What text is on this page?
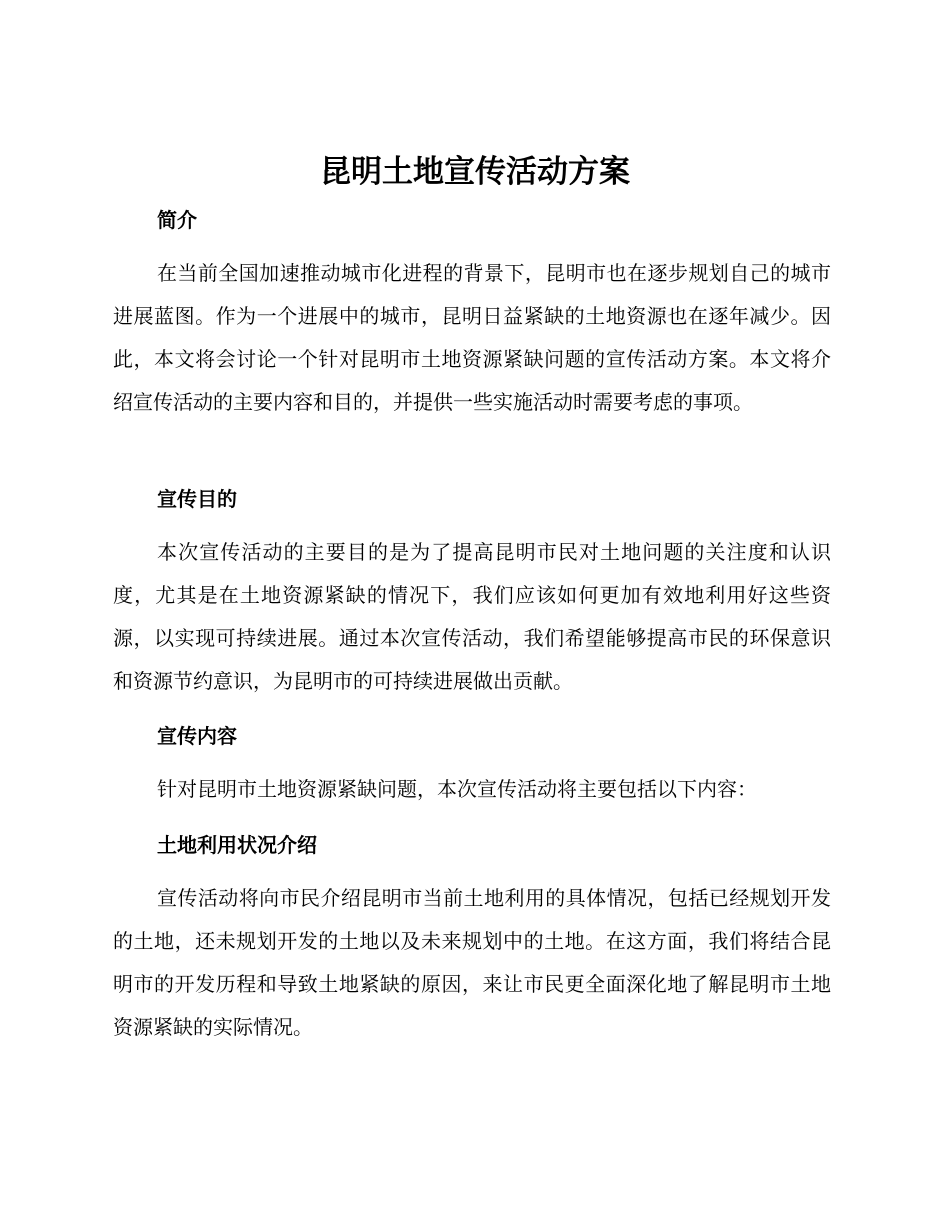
昆明土地宣传活动方案
简介

在当前全国加速推动城市化进程的背景下，昆明市也在逐步规划自己的城市进展蓝图。作为一个进展中的城市，昆明日益紧缺的土地资源也在逐年减少。因此，本文将会讨论一个针对昆明市土地资源紧缺问题的宣传活动方案。本文将介绍宣传活动的主要内容和目的，并提供一些实施活动时需要考虑的事项。

宣传目的

本次宣传活动的主要目的是为了提高昆明市民对土地问题的关注度和认识度，尤其是在土地资源紧缺的情况下，我们应该如何更加有效地利用好这些资源，以实现可持续进展。通过本次宣传活动，我们希望能够提高市民的环保意识和资源节约意识，为昆明市的可持续进展做出贡献。

宣传内容

针对昆明市土地资源紧缺问题，本次宣传活动将主要包括以下内容：

土地利用状况介绍

宣传活动将向市民介绍昆明市当前土地利用的具体情况，包括已经规划开发的土地，还未规划开发的土地以及未来规划中的土地。在这方面，我们将结合昆明市的开发历程和导致土地紧缺的原因，来让市民更全面深化地了解昆明市土地资源紧缺的实际情况。
